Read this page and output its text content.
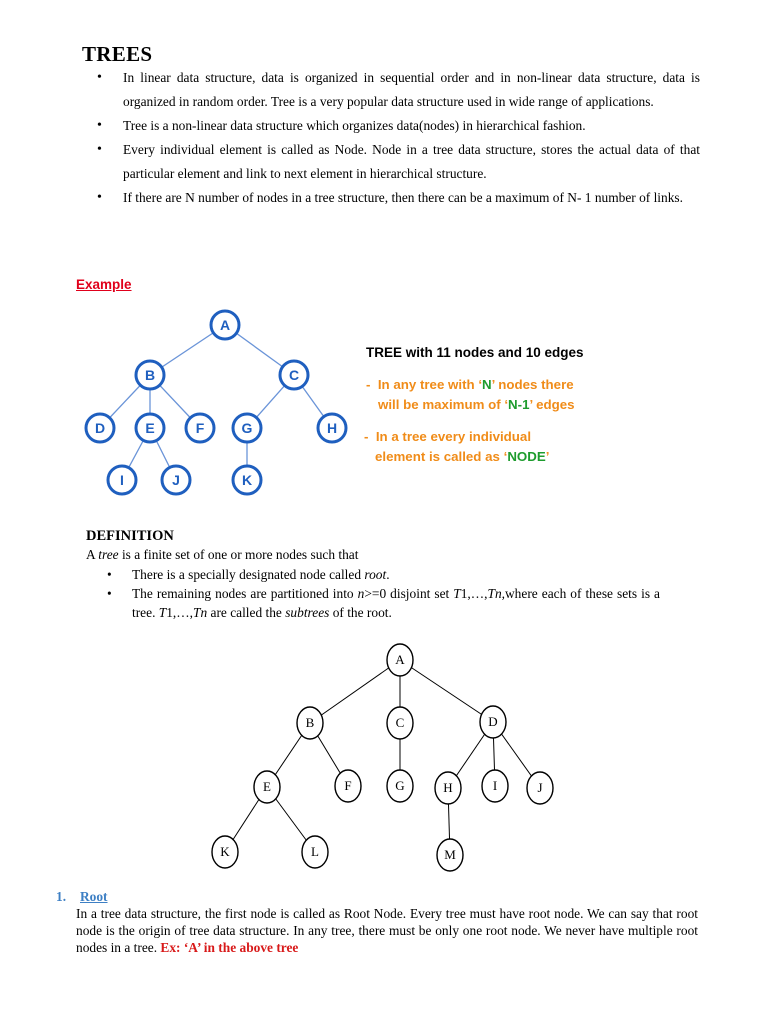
TREES
• In linear data structure, data is organized in sequential order and in non-linear data structure, data is organized in random order. Tree is a very popular data structure used in wide range of applications.
• Tree is a non-linear data structure which organizes data(nodes) in hierarchical fashion.
• Every individual element is called as Node. Node in a tree data structure, stores the actual data of that particular element and link to next element in hierarchical structure.
• If there are N number of nodes in a tree structure, then there can be a maximum of N- 1 number of links.
Example
A
B	C
D	E	F	G	H
I	J	K
TREE with 11 nodes and 10 edges
- In any tree with ‘N’ nodes there
will be maximum of ‘N-1’ edges
- In a tree every individual
element is called as ‘NODE’
DEFINITION
A tree is a finite set of one or more nodes such that
• There is a specially designated node called root.
• The remaining nodes are partitioned into n>=0 disjoint set T1,…,Tn,where each of these sets is a tree. T1,…,Tn are called the subtrees of the root.
A
B	C	D
E	F	G	H	I	J
K	L	M
1. Root

In a tree data structure, the first node is called as Root Node. Every tree must have root node. We can say that root node is the origin of tree data structure. In any tree, there must be only one root node. We never have multiple root nodes in a tree. Ex: ‘A’ in the above tree
